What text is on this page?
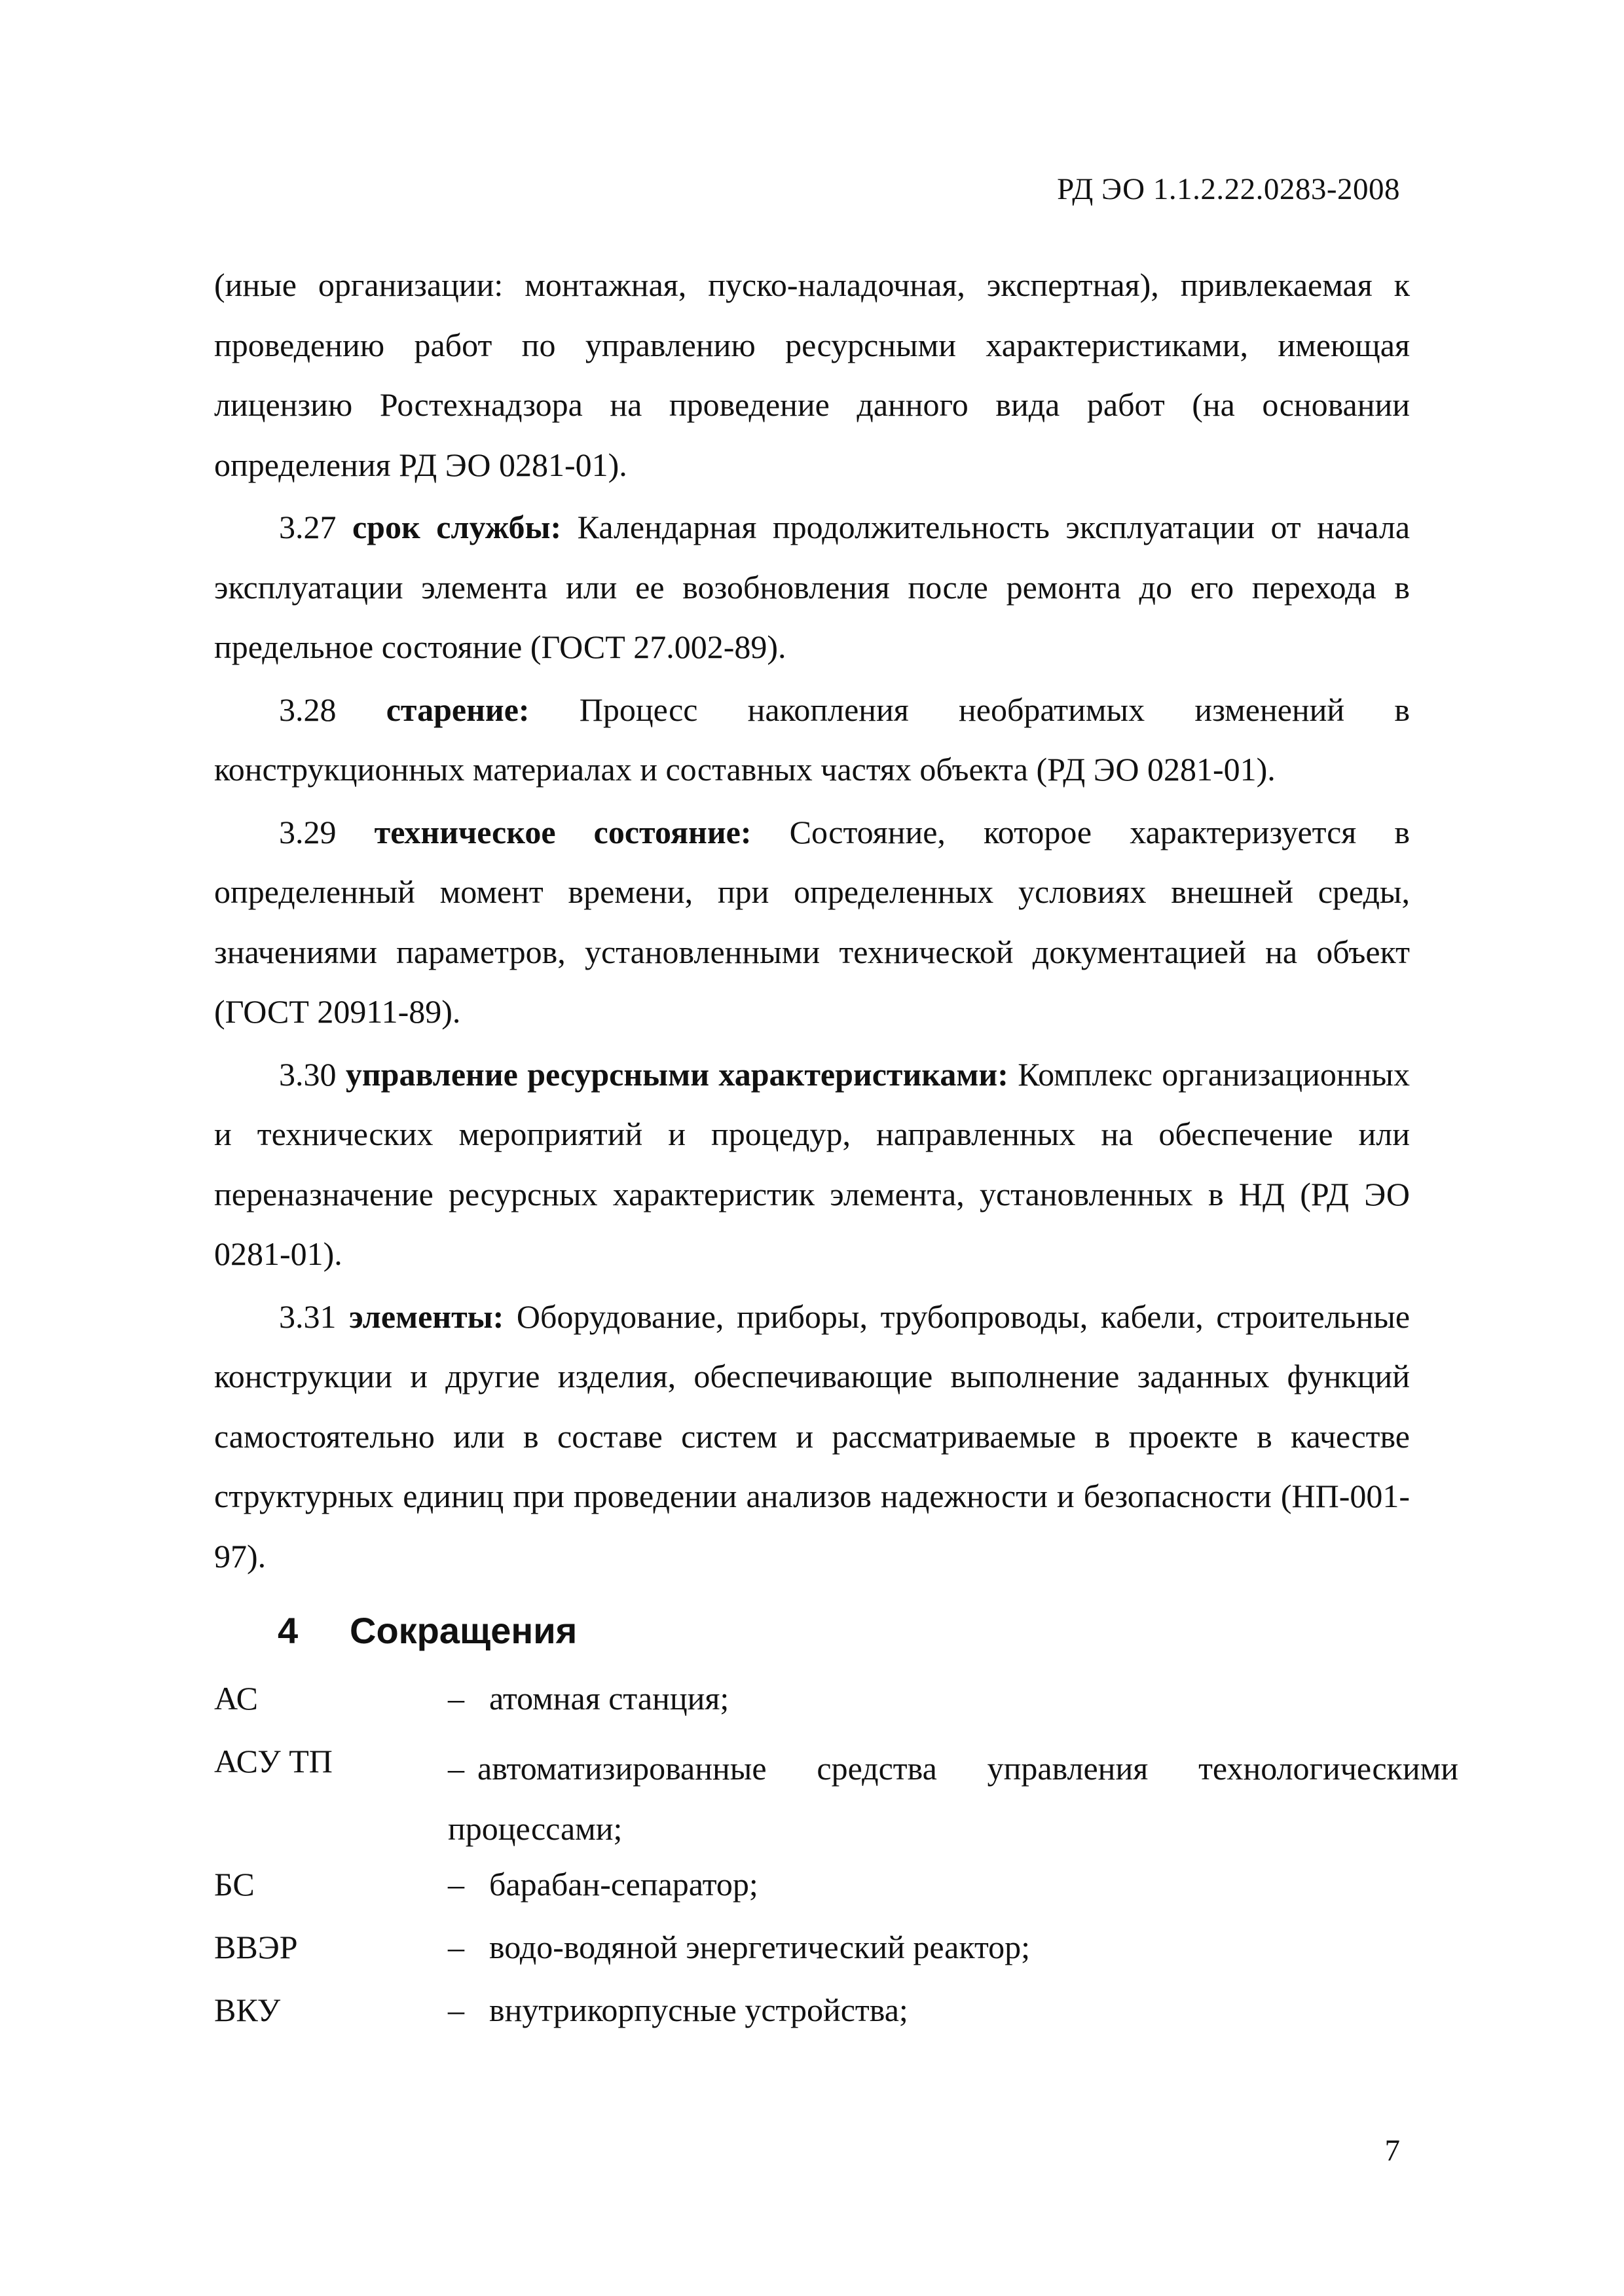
РД ЭО 1.1.2.22.0283-2008

(иные организации: монтажная, пуско-наладочная, экспертная), привлекаемая к проведению работ по управлению ресурсными характеристиками, имеющая лицензию Ростехнадзора на проведение данного вида работ (на основании определения РД ЭО 0281-01).

3.27 срок службы: Календарная продолжительность эксплуатации от начала эксплуатации элемента или ее возобновления после ремонта до его перехода в предельное состояние (ГОСТ 27.002-89).

3.28 старение: Процесс накопления необратимых изменений в конструкционных материалах и составных частях объекта (РД ЭО 0281-01).

3.29 техническое состояние: Состояние, которое характеризуется в определенный момент времени, при определенных условиях внешней среды, значениями параметров, установленными технической документацией на объект (ГОСТ 20911-89).

3.30 управление ресурсными характеристиками: Комплекс организационных и технических мероприятий и процедур, направленных на обеспечение или переназначение ресурсных характеристик элемента, установленных в НД (РД ЭО 0281-01).

3.31 элементы: Оборудование, приборы, трубопроводы, кабели, строительные конструкции и другие изделия, обеспечивающие выполнение заданных функций самостоятельно или в составе систем и рассматриваемые в проекте в качестве структурных единиц при проведении анализов надежности и безопасности (НП-001-97).

4 Сокращения
АС	– атомная станция;
АСУ ТП	– автоматизированные средства управления технологическими
процессами;
БС	– барабан-сепаратор;
ВВЭР	– водо-водяной энергетический реактор;
ВКУ	– внутрикорпусные устройства;
7
